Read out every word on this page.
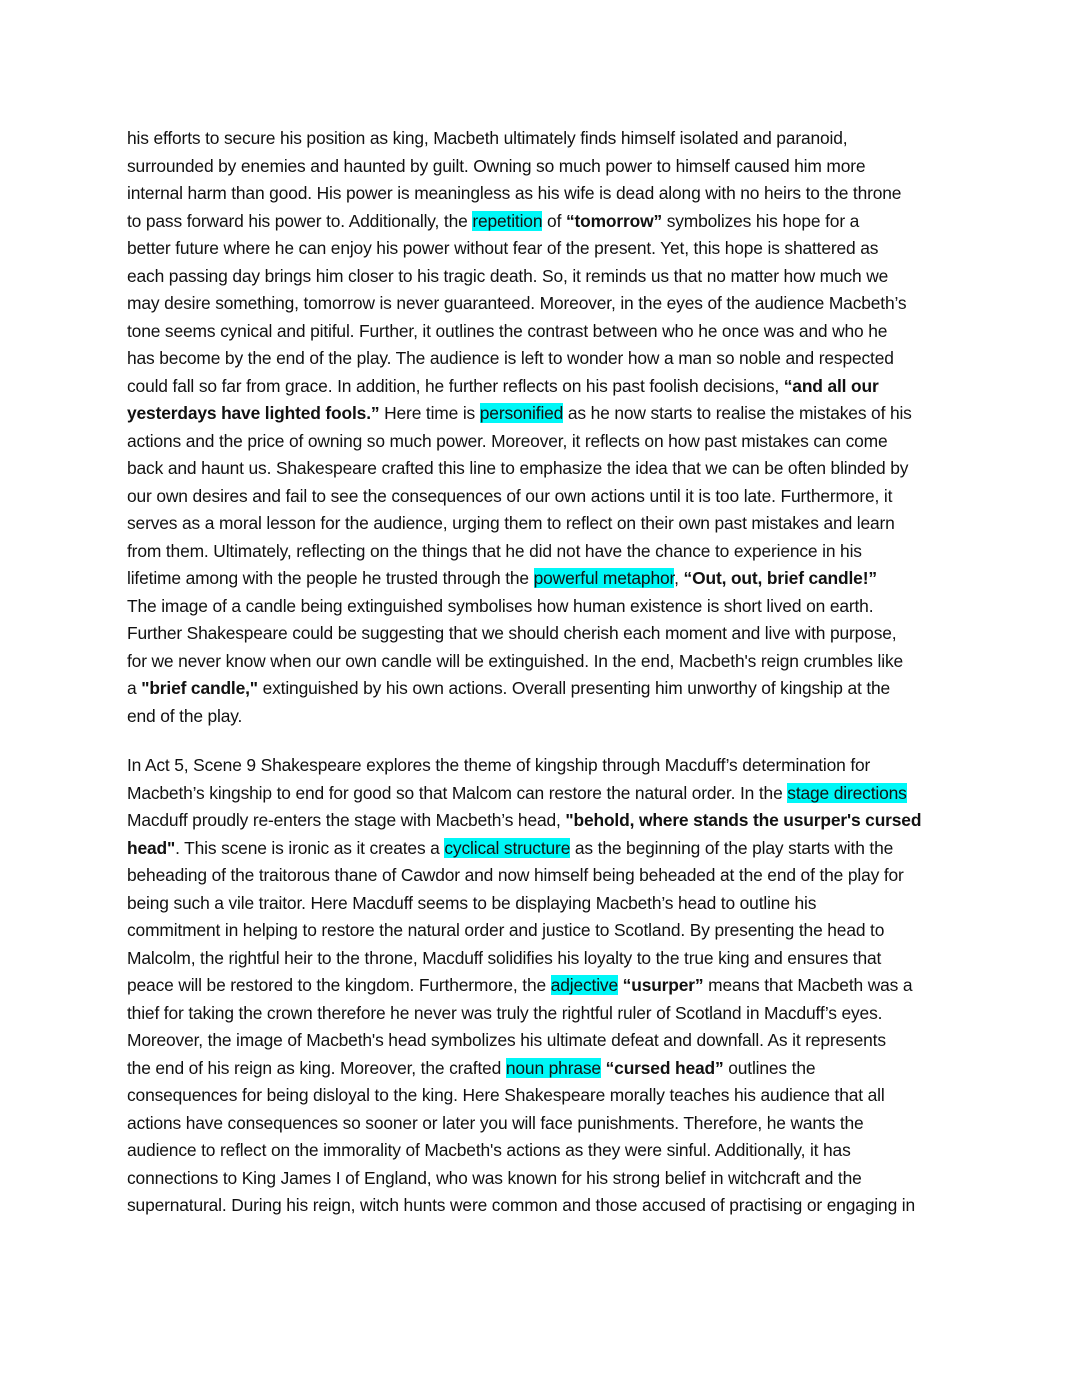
his efforts to secure his position as king, Macbeth ultimately finds himself isolated and paranoid,
surrounded by enemies and haunted by guilt. Owning so much power to himself caused him more
internal harm than good. His power is meaningless as his wife is dead along with no heirs to the throne
to pass forward his power to. Additionally, the repetition of “tomorrow” symbolizes his hope for a
better future where he can enjoy his power without fear of the present. Yet, this hope is shattered as
each passing day brings him closer to his tragic death. So, it reminds us that no matter how much we
may desire something, tomorrow is never guaranteed. Moreover, in the eyes of the audience Macbeth’s
tone seems cynical and pitiful. Further, it outlines the contrast between who he once was and who he
has become by the end of the play. The audience is left to wonder how a man so noble and respected
could fall so far from grace. In addition, he further reflects on his past foolish decisions, “and all our
yesterdays have lighted fools.” Here time is personified as he now starts to realise the mistakes of his
actions and the price of owning so much power. Moreover, it reflects on how past mistakes can come
back and haunt us. Shakespeare crafted this line to emphasize the idea that we can be often blinded by
our own desires and fail to see the consequences of our own actions until it is too late. Furthermore, it
serves as a moral lesson for the audience, urging them to reflect on their own past mistakes and learn
from them. Ultimately, reflecting on the things that he did not have the chance to experience in his
lifetime among with the people he trusted through the powerful metaphor, “Out, out, brief candle!”
The image of a candle being extinguished symbolises how human existence is short lived on earth.
Further Shakespeare could be suggesting that we should cherish each moment and live with purpose,
for we never know when our own candle will be extinguished. In the end, Macbeth's reign crumbles like
a "brief candle," extinguished by his own actions. Overall presenting him unworthy of kingship at the
end of the play.

In Act 5, Scene 9 Shakespeare explores the theme of kingship through Macduff’s determination for
Macbeth’s kingship to end for good so that Malcom can restore the natural order. In the stage directions
Macduff proudly re-enters the stage with Macbeth’s head, "behold, where stands the usurper's cursed
head". This scene is ironic as it creates a cyclical structure as the beginning of the play starts with the
beheading of the traitorous thane of Cawdor and now himself being beheaded at the end of the play for
being such a vile traitor. Here Macduff seems to be displaying Macbeth’s head to outline his
commitment in helping to restore the natural order and justice to Scotland. By presenting the head to
Malcolm, the rightful heir to the throne, Macduff solidifies his loyalty to the true king and ensures that
peace will be restored to the kingdom. Furthermore, the adjective “usurper” means that Macbeth was a
thief for taking the crown therefore he never was truly the rightful ruler of Scotland in Macduff’s eyes.
Moreover, the image of Macbeth's head symbolizes his ultimate defeat and downfall. As it represents
the end of his reign as king. Moreover, the crafted noun phrase “cursed head” outlines the
consequences for being disloyal to the king. Here Shakespeare morally teaches his audience that all
actions have consequences so sooner or later you will face punishments. Therefore, he wants the
audience to reflect on the immorality of Macbeth's actions as they were sinful. Additionally, it has
connections to King James I of England, who was known for his strong belief in witchcraft and the
supernatural. During his reign, witch hunts were common and those accused of practising or engaging in
